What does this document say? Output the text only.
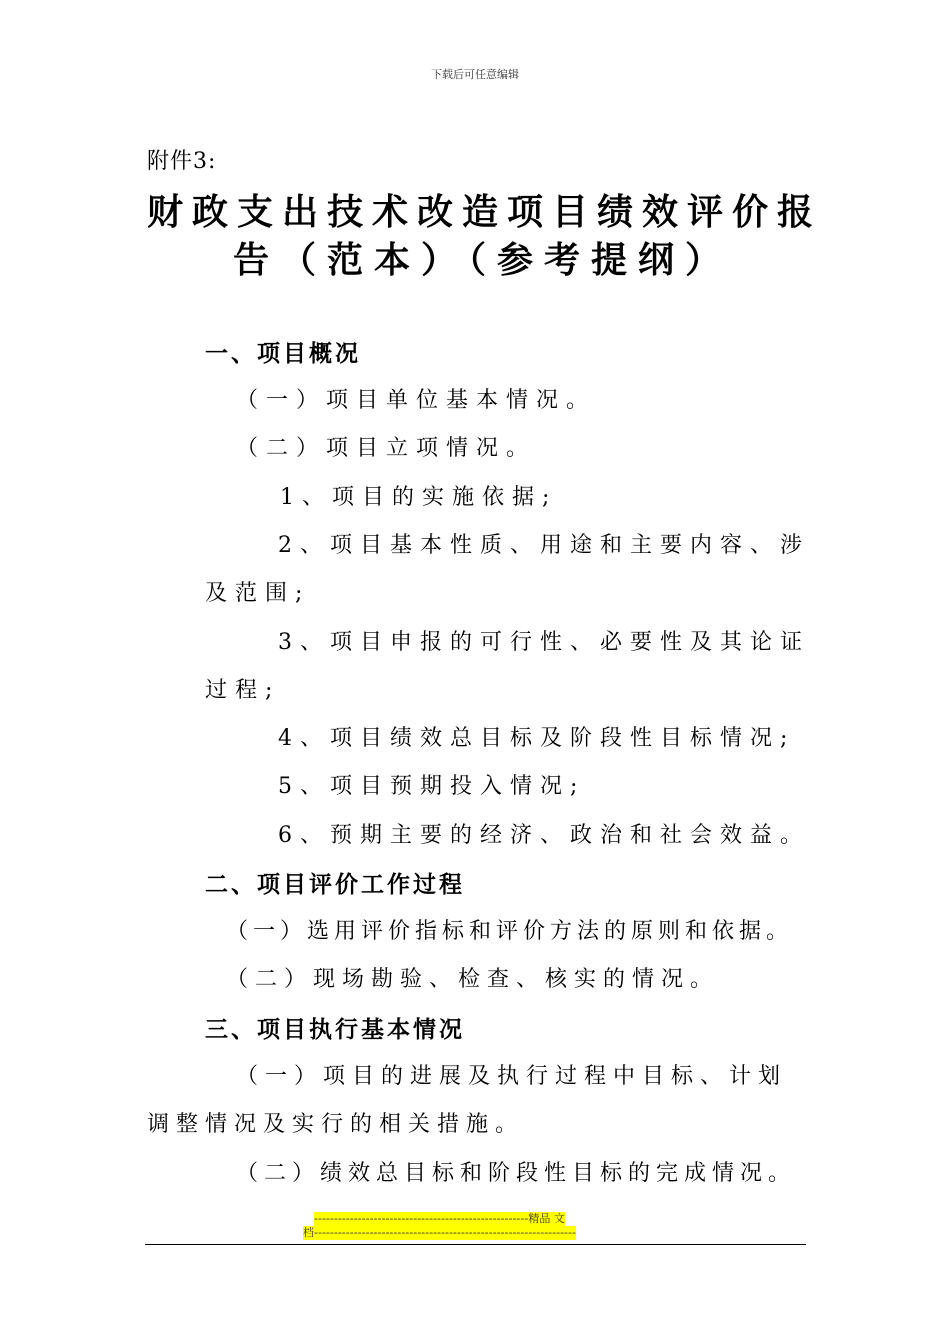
下载后可任意编辑
附件3:
财政支出技术改造项目绩效评价报
告（范本）（参考提纲）
一、项目概况
（一）项目单位基本情况。
（二）项目立项情况。
1、项目的实施依据;
2、项目基本性质、用途和主要内容、涉
及范围;
3、项目申报的可行性、必要性及其论证
过程;
4、项目绩效总目标及阶段性目标情况;
5、项目预期投入情况;
6、预期主要的经济、政治和社会效益。
二、项目评价工作过程
（一）选用评价指标和评价方法的原则和依据。
（二）现场勘验、检查、核实的情况。
三、项目执行基本情况
（一）项目的进展及执行过程中目标、计划
调整情况及实行的相关措施。
（二）绩效总目标和阶段性目标的完成情况。
------------------------------------------------------精品 文
档------------------------------------------------------------------
